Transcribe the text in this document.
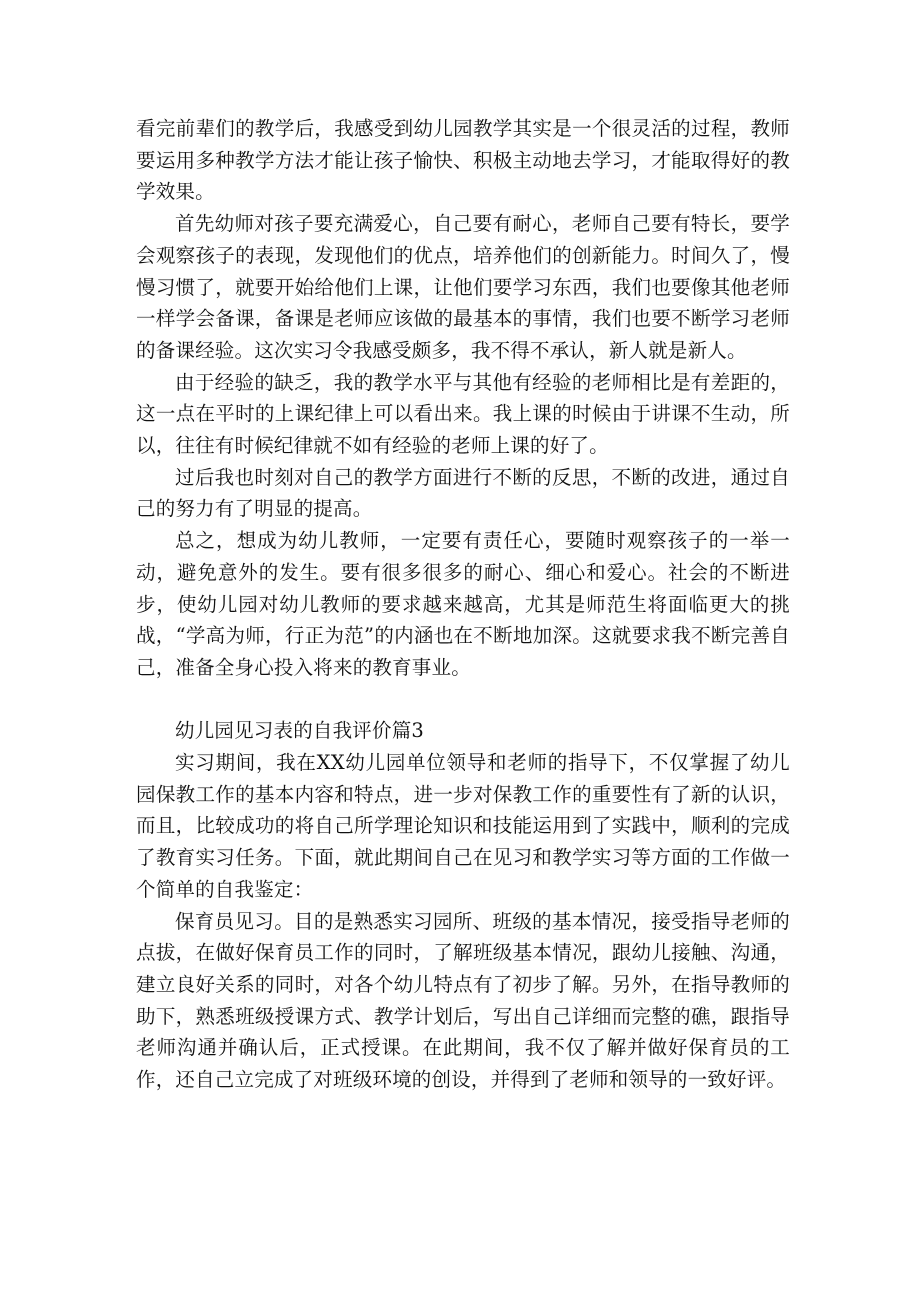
看完前辈们的教学后，我感受到幼儿园教学其实是一个很灵活的过程，教师要运用多种教学方法才能让孩子愉快、积极主动地去学习，才能取得好的教学效果。

首先幼师对孩子要充满爱心，自己要有耐心，老师自己要有特长，要学会观察孩子的表现，发现他们的优点，培养他们的创新能力。时间久了，慢慢习惯了，就要开始给他们上课，让他们要学习东西，我们也要像其他老师一样学会备课，备课是老师应该做的最基本的事情，我们也要不断学习老师的备课经验。这次实习令我感受颇多，我不得不承认，新人就是新人。

由于经验的缺乏，我的教学水平与其他有经验的老师相比是有差距的，这一点在平时的上课纪律上可以看出来。我上课的时候由于讲课不生动，所以，往往有时候纪律就不如有经验的老师上课的好了。

过后我也时刻对自己的教学方面进行不断的反思，不断的改进，通过自己的努力有了明显的提高。

总之，想成为幼儿教师，一定要有责任心，要随时观察孩子的一举一动，避免意外的发生。要有很多很多的耐心、细心和爱心。社会的不断进步，使幼儿园对幼儿教师的要求越来越高，尤其是师范生将面临更大的挑战，“学高为师，行正为范”的内涵也在不断地加深。这就要求我不断完善自己，准备全身心投入将来的教育事业。

幼儿园见习表的自我评价篇3

实习期间，我在XX幼儿园单位领导和老师的指导下，不仅掌握了幼儿园保教工作的基本内容和特点，进一步对保教工作的重要性有了新的认识，而且，比较成功的将自己所学理论知识和技能运用到了实践中，顺利的完成了教育实习任务。下面，就此期间自己在见习和教学实习等方面的工作做一个简单的自我鉴定：

保育员见习。目的是熟悉实习园所、班级的基本情况，接受指导老师的点拔，在做好保育员工作的同时，了解班级基本情况，跟幼儿接触、沟通，建立良好关系的同时，对各个幼儿特点有了初步了解。另外，在指导教师的助下，熟悉班级授课方式、教学计划后，写出自己详细而完整的礁，跟指导老师沟通并确认后，正式授课。在此期间，我不仅了解并做好保育员的工作，还自己立完成了对班级环境的创设，并得到了老师和领导的一致好评。
